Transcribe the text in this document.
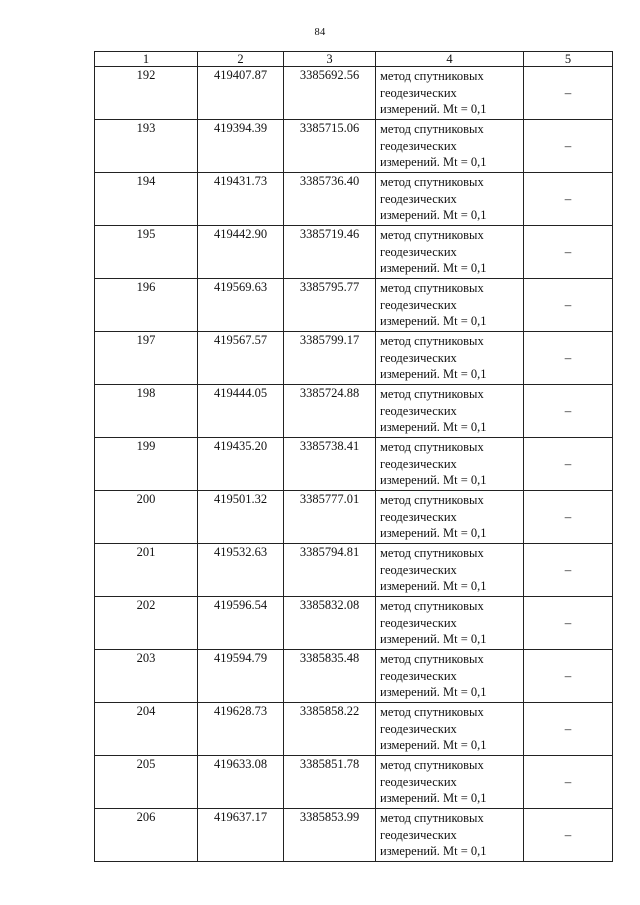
84
1	2	3	4	5
192	419407.87	3385692.56	метод спутниковых
геодезических
измерений. Mt = 0,1	–
193	419394.39	3385715.06	метод спутниковых
геодезических
измерений. Mt = 0,1	–
194	419431.73	3385736.40	метод спутниковых
геодезических
измерений. Mt = 0,1	–
195	419442.90	3385719.46	метод спутниковых
геодезических
измерений. Mt = 0,1	–
196	419569.63	3385795.77	метод спутниковых
геодезических
измерений. Mt = 0,1	–
197	419567.57	3385799.17	метод спутниковых
геодезических
измерений. Mt = 0,1	–
198	419444.05	3385724.88	метод спутниковых
геодезических
измерений. Mt = 0,1	–
199	419435.20	3385738.41	метод спутниковых
геодезических
измерений. Mt = 0,1	–
200	419501.32	3385777.01	метод спутниковых
геодезических
измерений. Mt = 0,1	–
201	419532.63	3385794.81	метод спутниковых
геодезических
измерений. Mt = 0,1	–
202	419596.54	3385832.08	метод спутниковых
геодезических
измерений. Mt = 0,1	–
203	419594.79	3385835.48	метод спутниковых
геодезических
измерений. Mt = 0,1	–
204	419628.73	3385858.22	метод спутниковых
геодезических
измерений. Mt = 0,1	–
205	419633.08	3385851.78	метод спутниковых
геодезических
измерений. Mt = 0,1	–
206	419637.17	3385853.99	метод спутниковых
геодезических
измерений. Mt = 0,1	–
